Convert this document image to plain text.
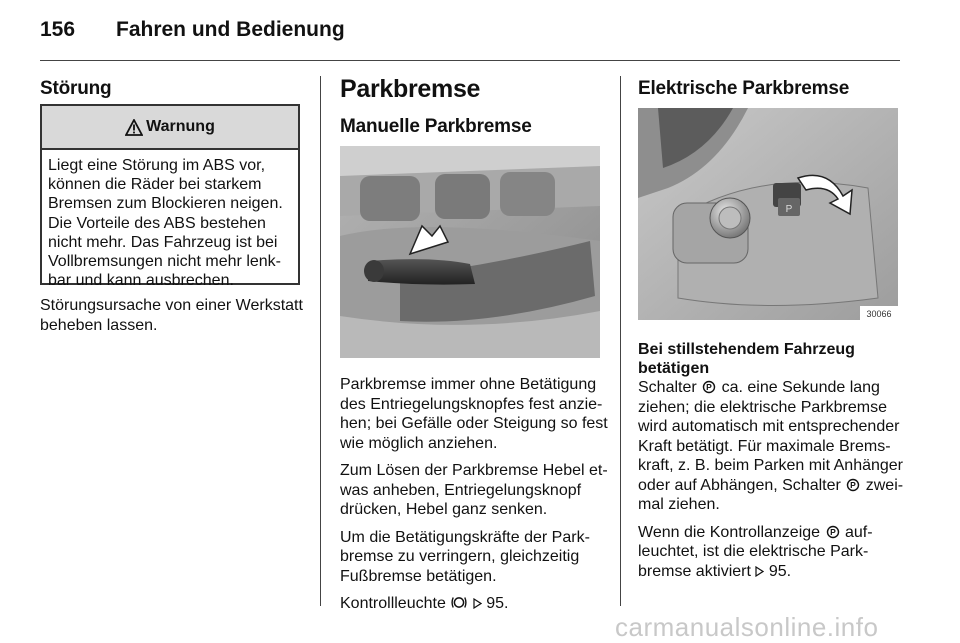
156 Fahren und Bedienung
Störung
Warnung
Liegt eine Störung im ABS vor,
können die Räder bei starkem
Bremsen zum Blockieren neigen.
Die Vorteile des ABS bestehen
nicht mehr. Das Fahrzeug ist bei
Vollbremsungen nicht mehr lenk-
bar und kann ausbrechen.
Störungsursache von einer Werkstatt
beheben lassen.
Parkbremse
Manuelle Parkbremse

Parkbremse immer ohne Betätigung
des Entriegelungsknopfes fest anzie-
hen; bei Gefälle oder Steigung so fest
wie möglich anziehen.

Zum Lösen der Parkbremse Hebel et-
was anheben, Entriegelungsknopf
drücken, Hebel ganz senken.

Um die Betätigungskräfte der Park-
bremse zu verringern, gleichzeitig
Fußbremse betätigen.

Kontrollleuchte	95.

Elektrische Parkbremse
P
30066
Bei stillstehendem Fahrzeug
betätigen

Schalter P ca. eine Sekunde lang
ziehen; die elektrische Parkbremse
wird automatisch mit entsprechender
Kraft betätigt. Für maximale Brems-
kraft, z. B. beim Parken mit Anhänger
oder auf Abhängen, Schalter P zwei-
mal ziehen.

Wenn die Kontrollanzeige P auf-
leuchtet, ist die elektrische Park-
bremse aktiviert 95.

carmanualsonline.info
